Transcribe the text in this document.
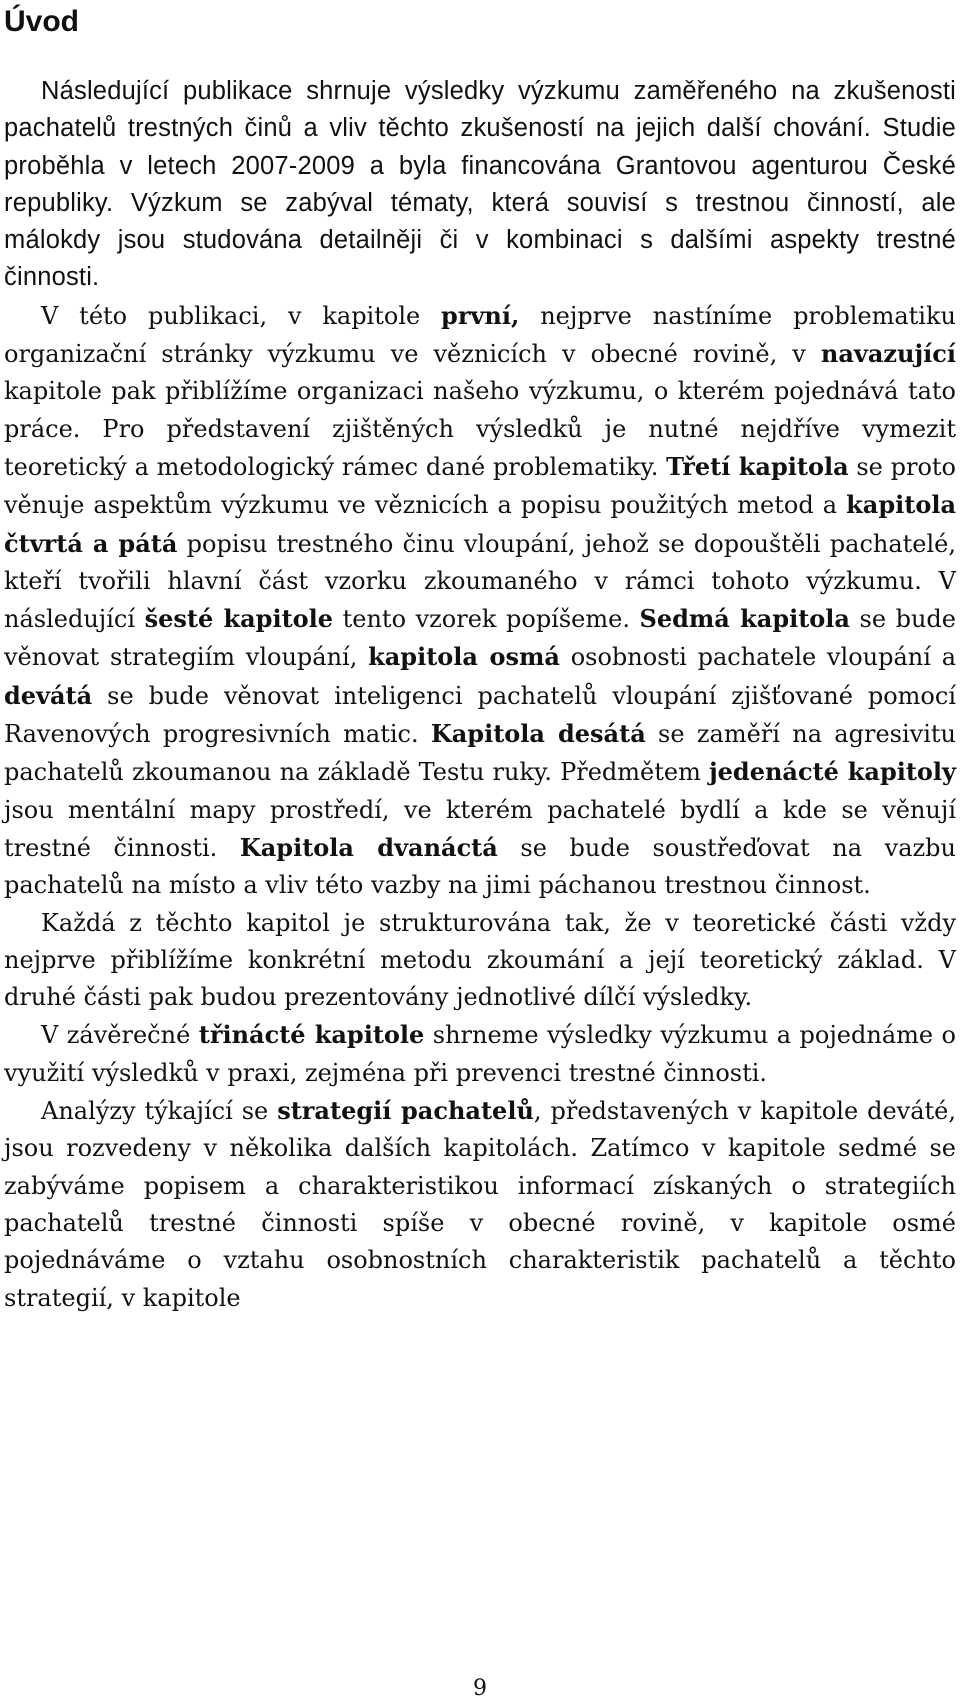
Úvod

Následující publikace shrnuje výsledky výzkumu zaměřeného na zkušenosti pachatelů trestných činů a vliv těchto zkušeností na jejich další chování. Studie proběhla v letech 2007-2009 a byla financována Grantovou agenturou České republiky. Výzkum se zabýval tématy, která souvisí s trestnou činností, ale málokdy jsou studována detailněji či v kombinaci s dalšími aspekty trestné činnosti.

V této publikaci, v kapitole první, nejprve nastíníme problematiku organizační stránky výzkumu ve věznicích v obecné rovině, v navazující kapitole pak přiblížíme organizaci našeho výzkumu, o kterém pojednává tato práce. Pro představení zjištěných výsledků je nutné nejdříve vymezit teoretický a metodologický rámec dané problematiky. Třetí kapitola se proto věnuje aspektům výzkumu ve věznicích a popisu použitých metod a kapitola čtvrtá a pátá popisu trestného činu vloupání, jehož se dopouštěli pachatelé, kteří tvořili hlavní část vzorku zkoumaného v rámci tohoto výzkumu. V následující šesté kapitole tento vzorek popíšeme. Sedmá kapitola se bude věnovat strategiím vloupání, kapitola osmá osobnosti pachatele vloupání a devátá se bude věnovat inteligenci pachatelů vloupání zjišťované pomocí Ravenových progresivních matic. Kapitola desátá se zaměří na agresivitu pachatelů zkoumanou na základě Testu ruky. Předmětem jedenácté kapitoly jsou mentální mapy prostředí, ve kterém pachatelé bydlí a kde se věnují trestné činnosti. Kapitola dvanáctá se bude soustřeďovat na vazbu pachatelů na místo a vliv této vazby na jimi páchanou trestnou činnost.

Každá z těchto kapitol je strukturována tak, že v teoretické části vždy nejprve přiblížíme konkrétní metodu zkoumání a její teoretický základ. V druhé části pak budou prezentovány jednotlivé dílčí výsledky.

V závěrečné třinácté kapitole shrneme výsledky výzkumu a pojednáme o využití výsledků v praxi, zejména při prevenci trestné činnosti.

Analýzy týkající se strategií pachatelů, představených v kapitole deváté, jsou rozvedeny v několika dalších kapitolách. Zatímco v kapitole sedmé se zabýváme popisem a charakteristikou informací získaných o strategiích pachatelů trestné činnosti spíše v obecné rovině, v kapitole osmé pojednáváme o vztahu osobnostních charakteristik pachatelů a těchto strategií, v kapitole

9
